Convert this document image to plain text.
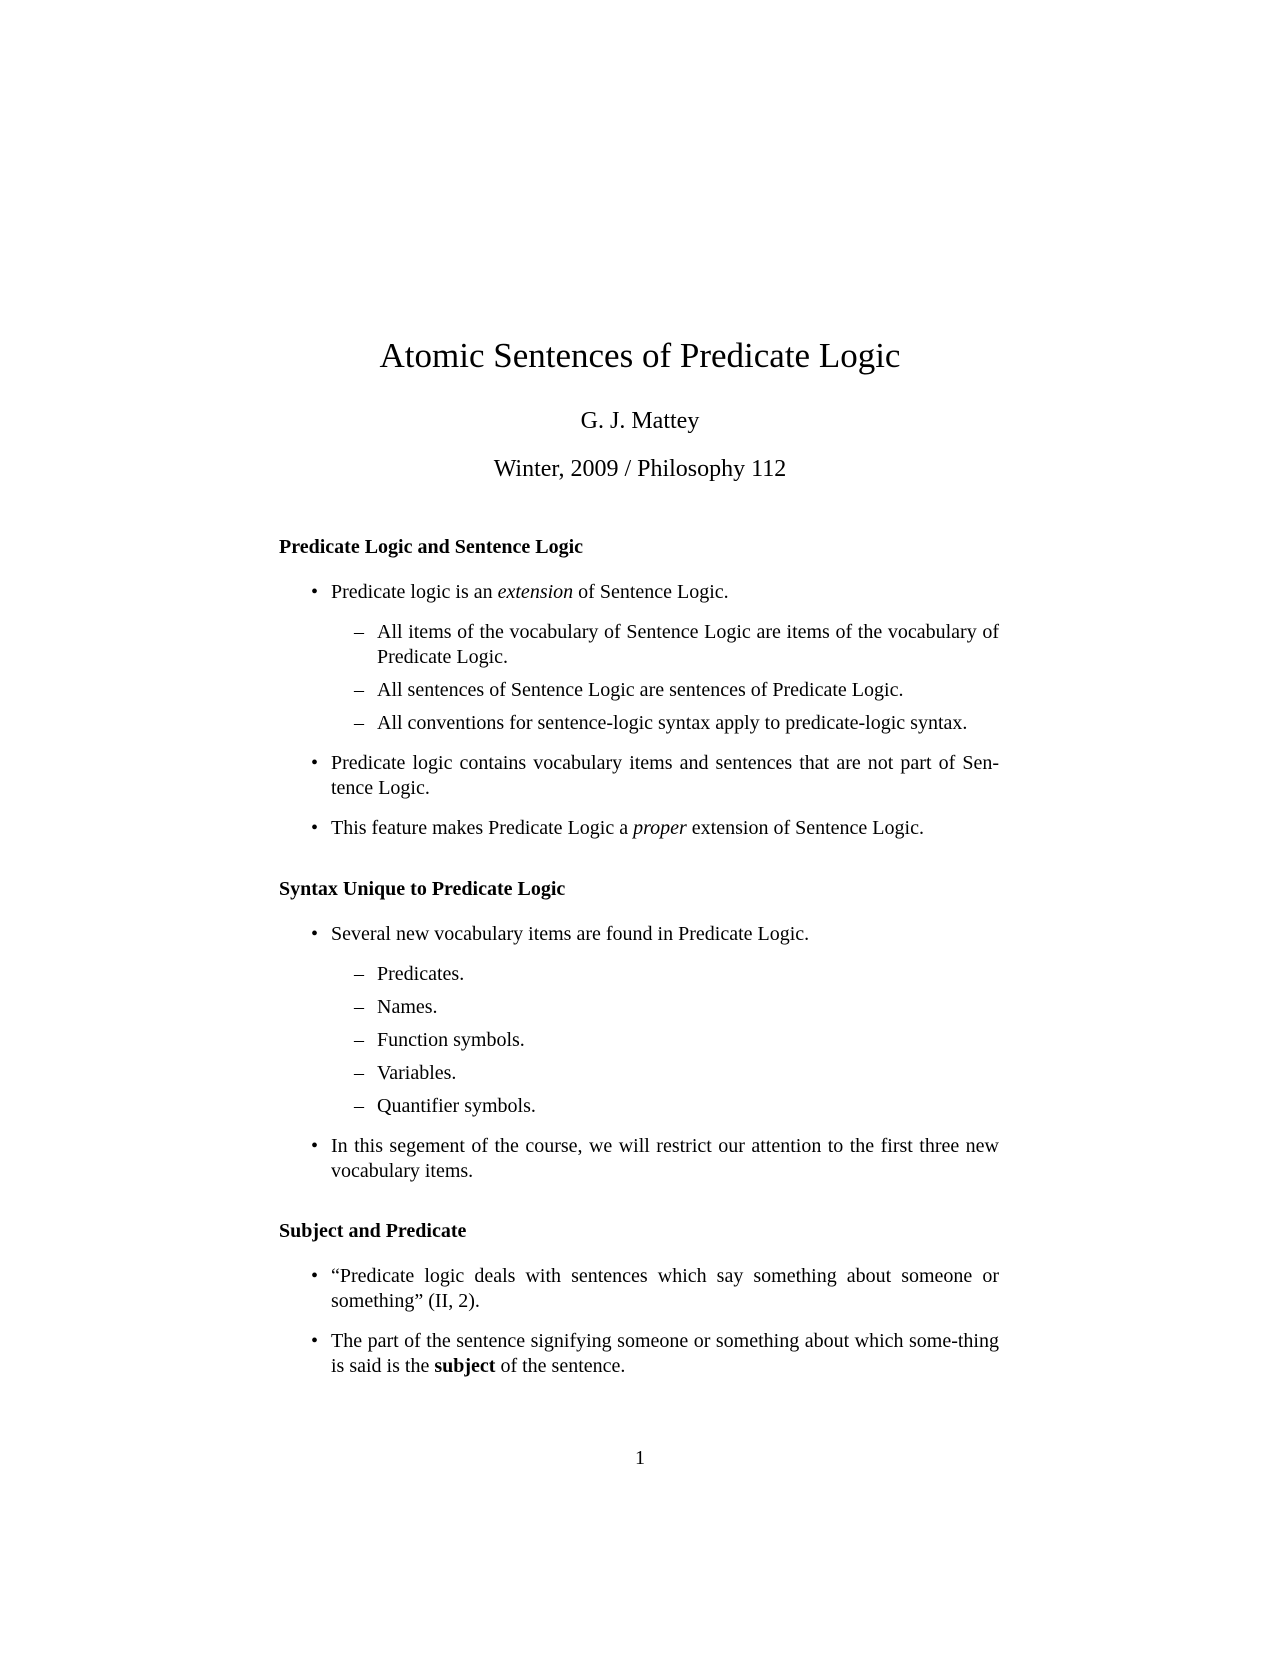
Atomic Sentences of Predicate Logic
G. J. Mattey
Winter, 2009 / Philosophy 112
Predicate Logic and Sentence Logic
• Predicate logic is an extension of Sentence Logic.
– All items of the vocabulary of Sentence Logic are items of the vocabulary of Predicate Logic.
– All sentences of Sentence Logic are sentences of Predicate Logic.
– All conventions for sentence-logic syntax apply to predicate-logic syntax.
• Predicate logic contains vocabulary items and sentences that are not part of Sen-tence Logic.
• This feature makes Predicate Logic a proper extension of Sentence Logic.
Syntax Unique to Predicate Logic
• Several new vocabulary items are found in Predicate Logic.
– Predicates.
– Names.
– Function symbols.
– Variables.
– Quantifier symbols.
• In this segement of the course, we will restrict our attention to the first three new vocabulary items.
Subject and Predicate
• “Predicate logic deals with sentences which say something about someone or something” (II, 2).
• The part of the sentence signifying someone or something about which some-thing is said is the subject of the sentence.
1
